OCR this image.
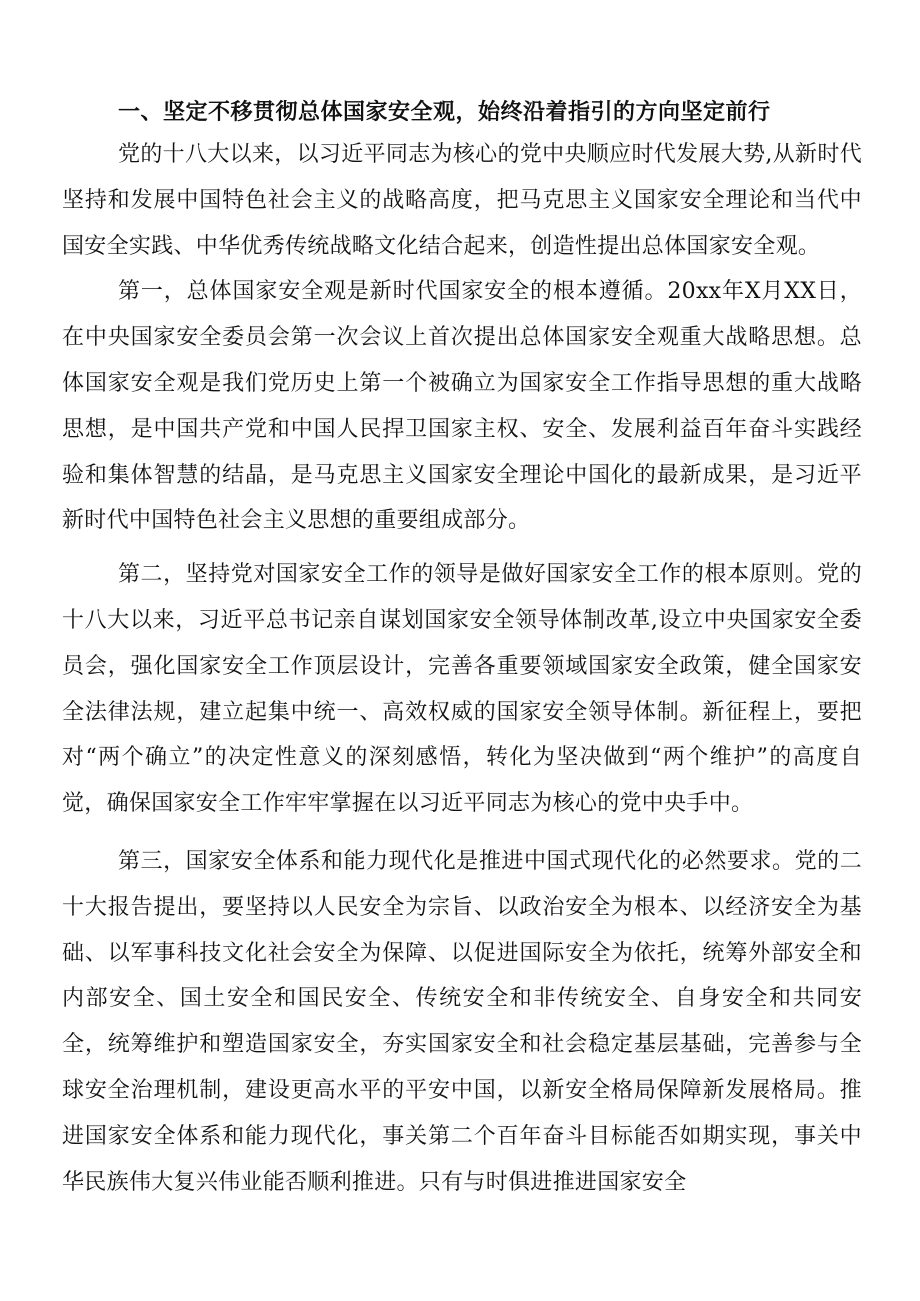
一、坚定不移贯彻总体国家安全观，始终沿着指引的方向坚定前行

党的十八大以来，以习近平同志为核心的党中央顺应时代发展大势,从新时代坚持和发展中国特色社会主义的战略高度，把马克思主义国家安全理论和当代中国安全实践、中华优秀传统战略文化结合起来，创造性提出总体国家安全观。

第一，总体国家安全观是新时代国家安全的根本遵循。20xx年X月XX日，在中央国家安全委员会第一次会议上首次提出总体国家安全观重大战略思想。总体国家安全观是我们党历史上第一个被确立为国家安全工作指导思想的重大战略思想，是中国共产党和中国人民捍卫国家主权、安全、发展利益百年奋斗实践经验和集体智慧的结晶，是马克思主义国家安全理论中国化的最新成果，是习近平新时代中国特色社会主义思想的重要组成部分。

第二，坚持党对国家安全工作的领导是做好国家安全工作的根本原则。党的十八大以来，习近平总书记亲自谋划国家安全领导体制改革,设立中央国家安全委员会，强化国家安全工作顶层设计，完善各重要领域国家安全政策，健全国家安全法律法规，建立起集中统一、高效权威的国家安全领导体制。新征程上，要把对“两个确立”的决定性意义的深刻感悟，转化为坚决做到“两个维护”的高度自觉，确保国家安全工作牢牢掌握在以习近平同志为核心的党中央手中。

第三，国家安全体系和能力现代化是推进中国式现代化的必然要求。党的二十大报告提出，要坚持以人民安全为宗旨、以政治安全为根本、以经济安全为基础、以军事科技文化社会安全为保障、以促进国际安全为依托，统筹外部安全和内部安全、国土安全和国民安全、传统安全和非传统安全、自身安全和共同安全，统筹维护和塑造国家安全，夯实国家安全和社会稳定基层基础，完善参与全球安全治理机制，建设更高水平的平安中国，以新安全格局保障新发展格局。推进国家安全体系和能力现代化，事关第二个百年奋斗目标能否如期实现，事关中华民族伟大复兴伟业能否顺利推进。只有与时俱进推进国家安全
